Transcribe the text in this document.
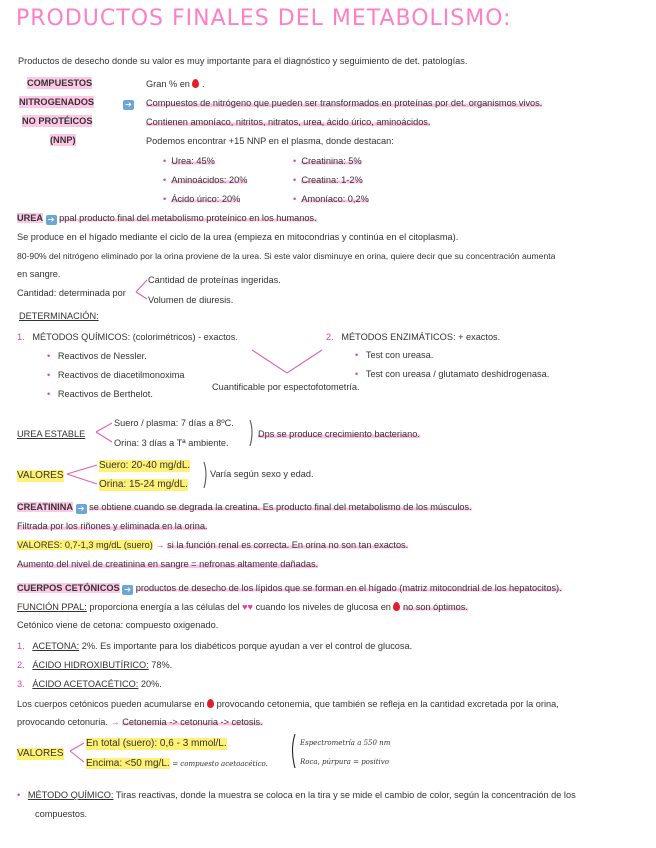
PRODUCTOS FINALES DEL METABOLISMO:
Productos de desecho donde su valor es muy importante para el diagnóstico y seguimiento de det. patologías.
COMPUESTOS
NITROGENADOS
NO PROTÉICOS
(NNP)
➔
Gran % en  .
Compuestos de nitrógeno que pueden ser transformados en proteínas por det. organismos vivos.
Contienen amoníaco, nitritos, nitratos, urea, ácido úrico, aminoácidos.
Podemos encontrar +15 NNP en el plasma, donde destacan:
• Urea: 45%
• Aminoácidos: 20%
• Ácido úrico: 20%
• Creatinina: 5%
• Creatina: 1-2%
• Amoníaco: 0,2%
UREA ➔ ppal producto final del metabolismo proteínico en los humanos.
Se produce en el hígado mediante el ciclo de la urea (empieza en mitocondrias y continúa en el citoplasma).
80-90% del nitrógeno eliminado por la orina proviene de la urea. Si este valor disminuye en orina, quiere decir que su concentración aumenta
en sangre.
Cantidad de proteínas ingeridas.
Cantidad: determinada por
Volumen de diuresis.
DETERMINACIÓN:
1. MÉTODOS QUÍMICOS: (colorimétricos) - exactos.
• Reactivos de Nessler.
• Reactivos de diacetilmonoxima
• Reactivos de Berthelot.
2. MÉTODOS ENZIMÁTICOS: + exactos.
• Test con ureasa.
• Test con ureasa / glutamato deshidrogenasa.
Cuantificable por espectofotometría.
UREA ESTABLE
Suero / plasma: 7 días a 8ºC.
Orina: 3 días a Tª ambiente.
Dps se produce crecimiento bacteriano.
VALORES
Suero: 20-40 mg/dL.
Orina: 15-24 mg/dL.
Varía según sexo y edad.
CREATININA ➔ se obtiene cuando se degrada la creatina. Es producto final del metabolismo de los músculos.
Filtrada por los riñones y eliminada en la orina.
VALORES: 0,7-1,3 mg/dL (suero) → si la función renal es correcta. En orina no son tan exactos.
Aumento del nivel de creatinina en sangre = nefronas altamente dañadas.
CUERPOS CETÓNICOS ➔ productos de desecho de los lípidos que se forman en el hígado (matriz mitocondrial de los hepatocitos).
FUNCIÓN PPAL: proporciona energía a las células del ♥♥ cuando los niveles de glucosa en no son óptimos.
Cetónico viene de cetona: compuesto oxigenado.
1. ACETONA: 2%. Es importante para los diabéticos porque ayudan a ver el control de glucosa.
2. ÁCIDO HIDROXIBUTÍRICO: 78%.
3. ÁCIDO ACETOACÉTICO: 20%.
Los cuerpos cetónicos pueden acumularse en provocando cetonemia, que también se refleja en la cantidad excretada por la orina,
provocando cetonuria. → Cetonemia -> cetonuria -> cetosis.
VALORES
En total (suero): 0,6 - 3 mmol/L.
Encima: <50 mg/L. = compuesto acetoacético.
Espectrometría a 550 nm
Roca, púrpura = positivo
• MÉTODO QUÍMICO: Tiras reactivas, donde la muestra se coloca en la tira y se mide el cambio de color, según la concentración de los
compuestos.
